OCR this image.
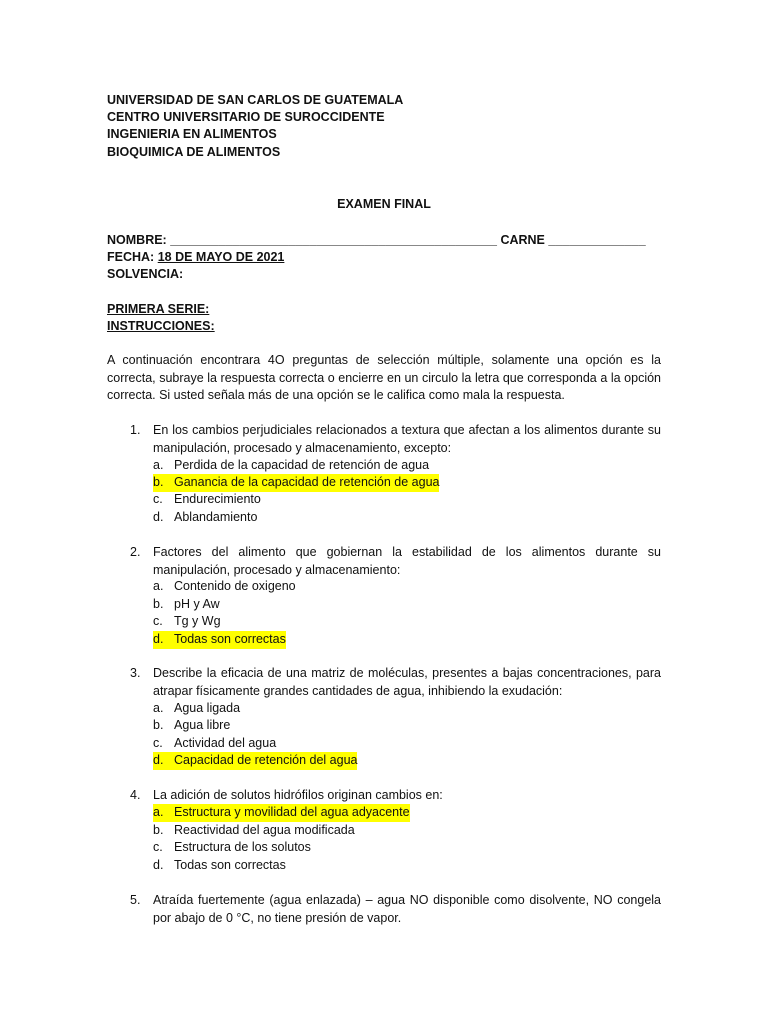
UNIVERSIDAD DE SAN CARLOS DE GUATEMALA
CENTRO UNIVERSITARIO DE SUROCCIDENTE
INGENIERIA EN ALIMENTOS
BIOQUIMICA DE ALIMENTOS
EXAMEN FINAL
NOMBRE: _______________________________________________ CARNE ______________
FECHA: 18 DE MAYO DE 2021
SOLVENCIA:
PRIMERA SERIE:
INSTRUCCIONES:
A continuación encontrara 4O preguntas de selección múltiple, solamente una opción es la correcta, subraye la respuesta correcta o encierre en un circulo la letra que corresponda a la opción correcta. Si usted señala más de una opción se le califica como mala la respuesta.
1. En los cambios perjudiciales relacionados a textura que afectan a los alimentos durante su manipulación, procesado y almacenamiento, excepto:
a. Perdida de la capacidad de retención de agua
b. Ganancia de la capacidad de retención de agua
c. Endurecimiento
d. Ablandamiento
2. Factores del alimento que gobiernan la estabilidad de los alimentos durante su manipulación, procesado y almacenamiento:
a. Contenido de oxigeno
b. pH y Aw
c. Tg y Wg
d. Todas son correctas
3. Describe la eficacia de una matriz de moléculas, presentes a bajas concentraciones, para atrapar físicamente grandes cantidades de agua, inhibiendo la exudación:
a. Agua ligada
b. Agua libre
c. Actividad del agua
d. Capacidad de retención del agua
4. La adición de solutos hidrófilos originan cambios en:
a. Estructura y movilidad del agua adyacente
b. Reactividad del agua modificada
c. Estructura de los solutos
d. Todas son correctas
5. Atraída fuertemente (agua enlazada) – agua NO disponible como disolvente, NO congela por abajo de 0 °C, no tiene presión de vapor.
